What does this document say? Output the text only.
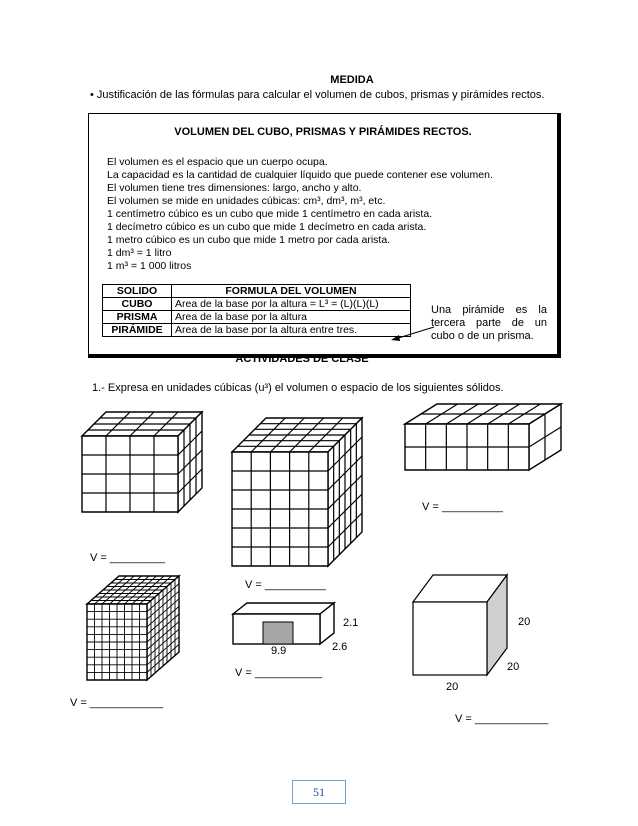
MEDIDA
• Justificación de las fórmulas para calcular el volumen de cubos, prismas y pirámides rectos.
VOLUMEN DEL CUBO, PRISMAS Y PIRÁMIDES RECTOS.
El volumen es el espacio que un cuerpo ocupa.
La capacidad es la cantidad de cualquier líquido que puede contener ese volumen.
El volumen tiene tres dimensiones: largo, ancho y alto.
El volumen se mide en unidades cúbicas: cm³, dm³, m³, etc.
1 centímetro cúbico es un cubo que mide 1 centímetro en cada arista.
1 decímetro cúbico es un cubo que mide 1 decímetro en cada arista.
1 metro cúbico es un cubo que mide 1 metro por cada arista.
1 dm³ = 1 litro
1 m³ = 1 000 litros
SOLIDO	FORMULA DEL VOLUMEN
CUBO	Area de la base por la altura = L³ = (L)(L)(L)
PRISMA	Area de la base por la altura
PIRÁMIDE	Area de la base por la altura entre tres.
Una pirámide es la tercera parte de un cubo o de un prisma.
ACTIVIDADES DE CLASE
1.- Expresa en unidades cúbicas (u³) el volumen o espacio de los siguientes sólidos.
2.1
2.6
9.9
20
20
20
V = __________
V = _________
V = __________
V = ___________
V = ____________
V = ____________
51
